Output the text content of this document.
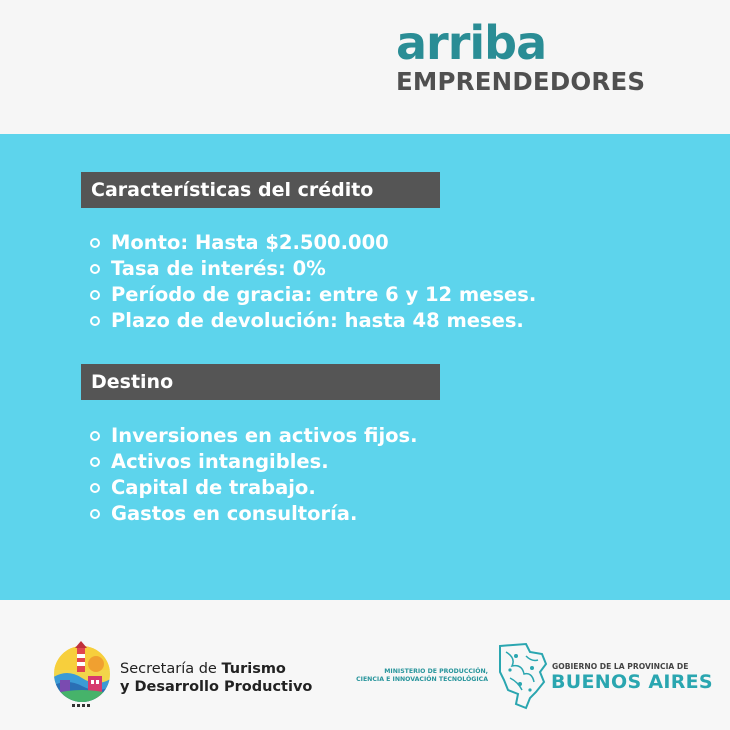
arriba
EMPRENDEDORES
Características del crédito
Monto: Hasta $2.500.000
Tasa de interés: 0%
Período de gracia: entre 6 y 12 meses.
Plazo de devolución: hasta 48 meses.
Destino
Inversiones en activos fijos.
Activos intangibles.
Capital de trabajo.
Gastos en consultoría.
Secretaría de Turismo
y Desarrollo Productivo
MINISTERIO DE PRODUCCIÓN,
CIENCIA E INNOVACIÓN TECNOLÓGICA
GOBIERNO DE LA PROVINCIA DE
BUENOS AIRES
